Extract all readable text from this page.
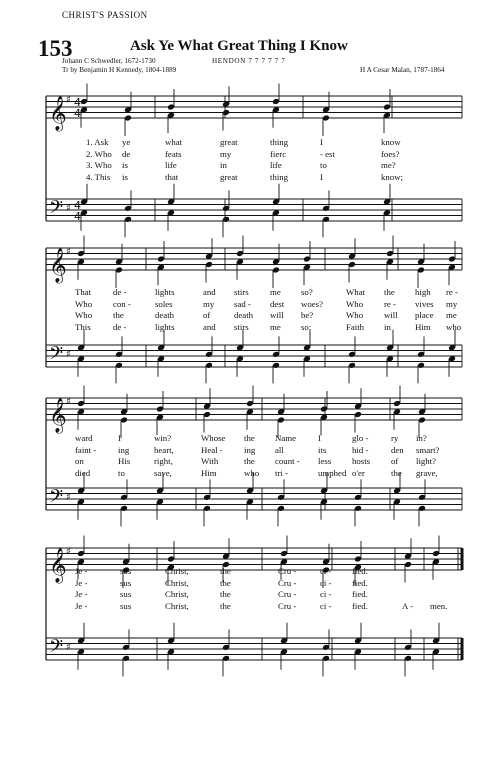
CHRIST'S PASSION
153	Ask Ye What Great Thing I Know
Johann C Schwedler, 1672-1730
Tr by Benjamin H Kennedy, 1804-1889
HENDON 7 7 7 7 7 7
H A Cesar Malan, 1787-1864
𝄞
𝄢
♯
♯
4
4
4
4
𝄞
𝄢
♯
♯
𝄞
𝄢
♯
♯
𝄞
𝄢
♯
♯
1. Ask ye	what	great	thing	I	know
2. Who de	feats	my	fierc	- est	foes?
3. Who is	life	in	life	to	me?
4. This is	that	great	thing	I	know;
That de -	lights	and stirs me so?	What the high re -
Who con -	soles	my sad - dest woes?	Who re - vives my
Who the	death	of	death will be?	Who will place me
This	de -	lights	and stirs me so:	Faith in	Him who
ward	I	win?	Whose the Name I	glo -	ry in?
faint - ing	heart,	Heal - ing all	its	hid -	den smart?
on	His	right,	With	the count - less hosts of light?
died	to	save,	Him	who tri -	umphed o'er	the grave,
Je -	sus	Christ,	the	Cru -	ci - fied.
Je -	sus	Christ,	the	Cru -	ci - fied.
Je -	sus	Christ,	the	Cru -	ci - fied.
Je -	sus	Christ,	the	Cru -	ci - fied.	A - men.
